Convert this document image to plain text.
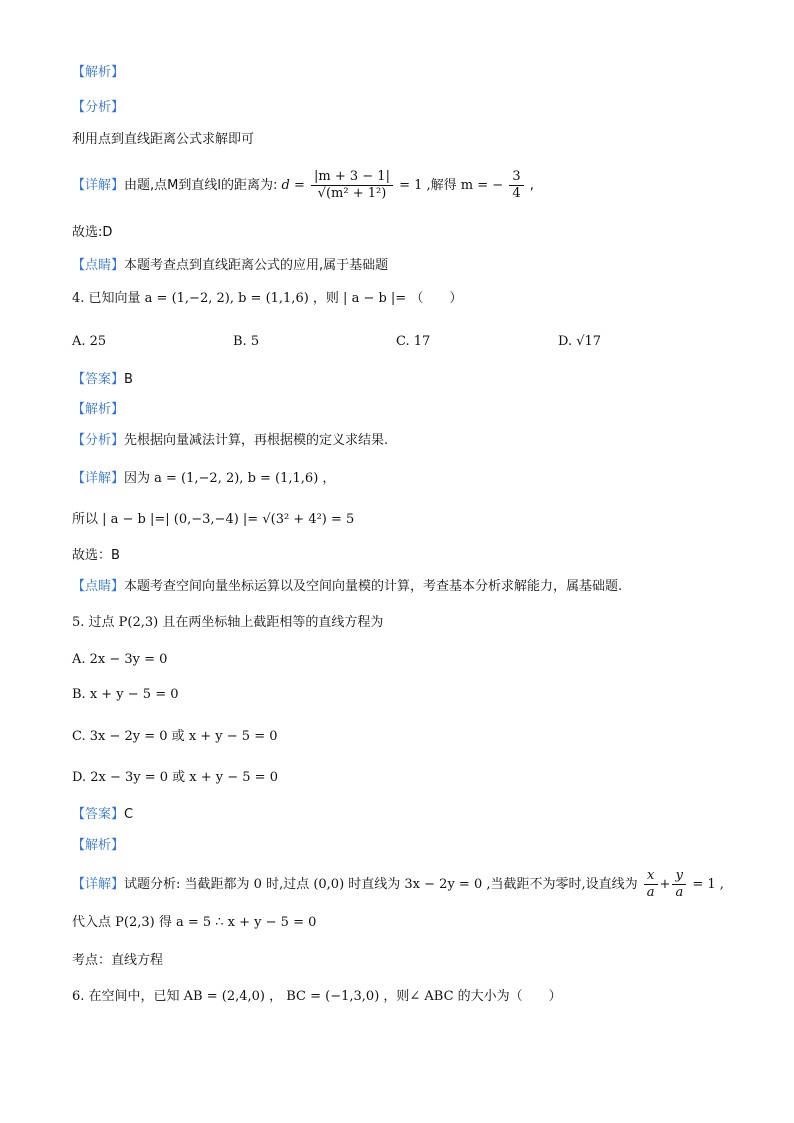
【解析】
【分析】
利用点到直线距离公式求解即可
【详解】由题,点M到直线l的距离为: $d = \frac{|m + 3 - 1|}{\text{√(m² + 1²)}} = 1$ ,解得 m = − $\frac{3}{4}$ ,
故选:D
【点睛】本题考查点到直线距离公式的应用,属于基础题
4. 已知向量 a = (1,−2, 2), b = (1,1,6) ，则 | a − b |= （　　）
A. 25	B. 5	C. 17	D. √17
【答案】B
【解析】
【分析】先根据向量减法计算，再根据模的定义求结果.
【详解】因为 a = (1,−2, 2), b = (1,1,6) ，
所以 | a − b |=| (0,−3,−4) |= √(3² + 4²) = 5
故选：B
【点睛】本题考查空间向量坐标运算以及空间向量模的计算，考查基本分析求解能力，属基础题.
5. 过点 P(2,3) 且在两坐标轴上截距相等的直线方程为
A. 2x − 3y = 0
B. x + y − 5 = 0
C. 3x − 2y = 0 或 x + y − 5 = 0
D. 2x − 3y = 0 或 x + y − 5 = 0
【答案】C
【解析】
【详解】试题分析: 当截距都为 0 时,过点 (0,0) 时直线为 3x − 2y = 0 ,当截距不为零时,设直线为 $\frac{x}{a} + \frac{y}{a} = 1$ ,
代入点 P(2,3) 得 a = 5 ∴ x + y − 5 = 0
考点：直线方程
6. 在空间中，已知 AB = (2,4,0) ， BC = (−1,3,0) ，则∠ ABC 的大小为（　　）
